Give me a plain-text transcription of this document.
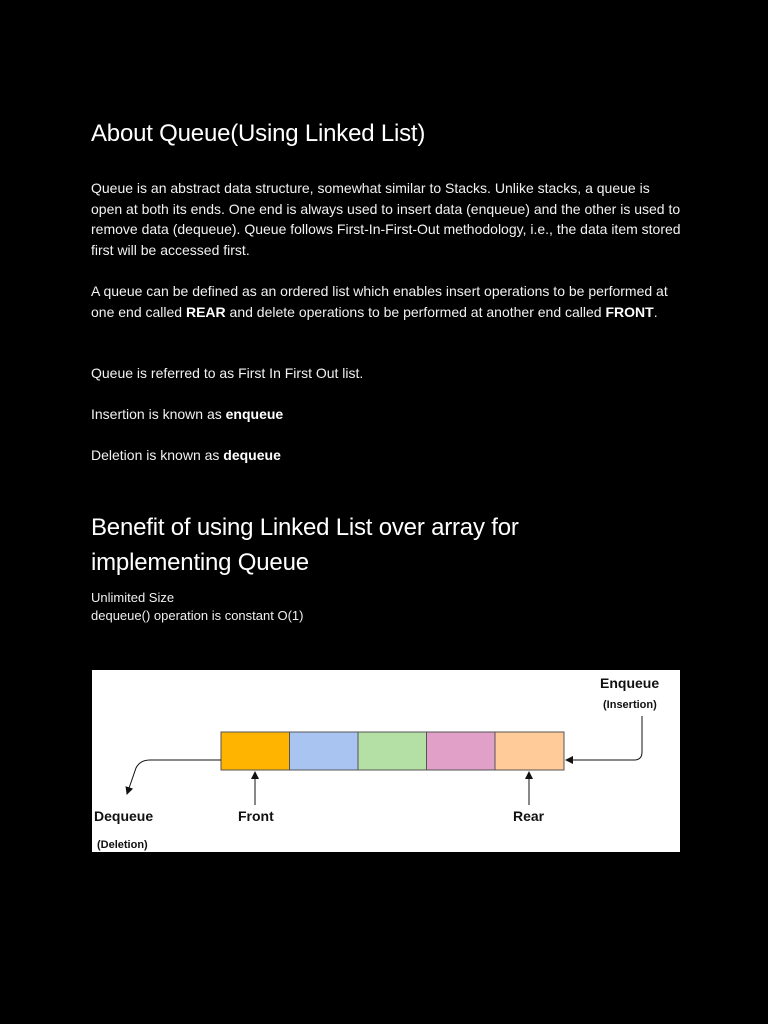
About Queue(Using Linked List)

Queue is an abstract data structure, somewhat similar to Stacks. Unlike stacks, a queue is open at both its ends. One end is always used to insert data (enqueue) and the other is used to remove data (dequeue). Queue follows First-In-First-Out methodology, i.e., the data item stored first will be accessed first.

A queue can be defined as an ordered list which enables insert operations to be performed at one end called REAR and delete operations to be performed at another end called FRONT.

Queue is referred to as First In First Out list.

Insertion is known as enqueue

Deletion is known as dequeue

Benefit of using Linked List over array for implementing Queue

Unlimited Size

dequeue() operation is constant O(1)

Enqueue
(Insertion)
Dequeue
(Deletion)
Front	Rear
